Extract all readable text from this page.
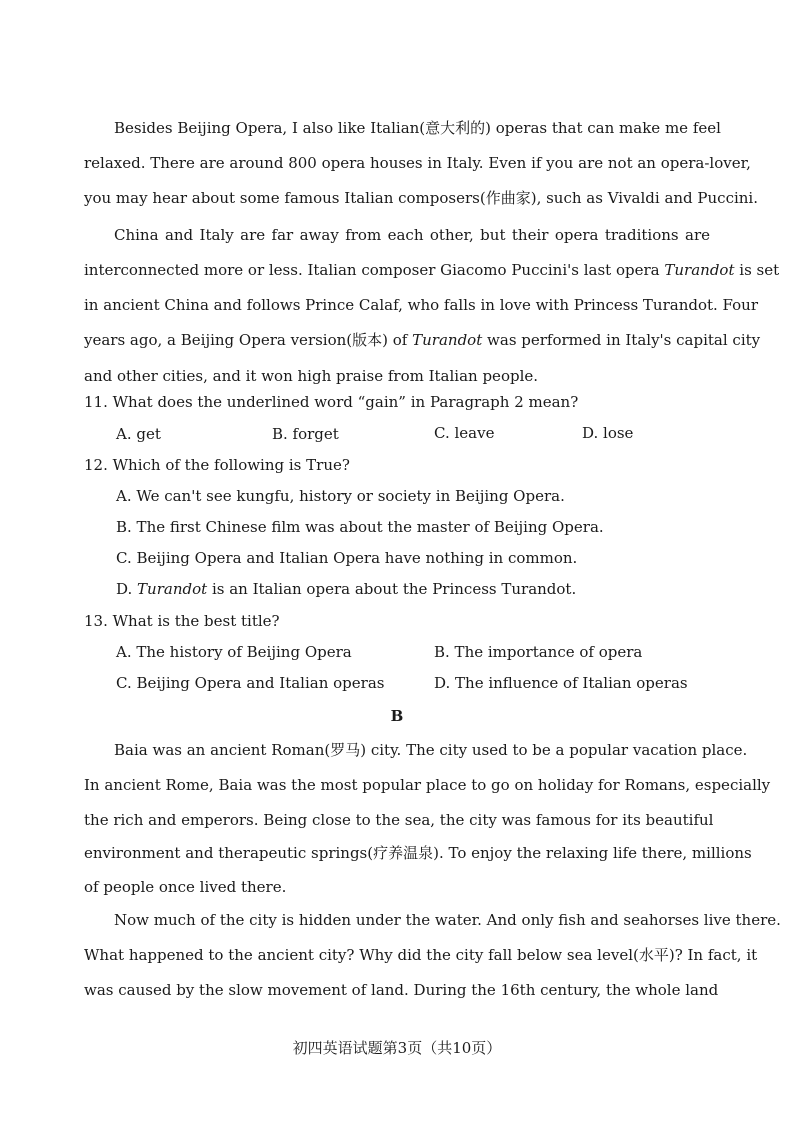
Besides Beijing Opera, I also like Italian(意大利的) operas that can make me feel
relaxed. There are around 800 opera houses in Italy. Even if you are not an opera-lover,
you may hear about some famous Italian composers(作曲家), such as Vivaldi and Puccini.
China and Italy are far away from each other, but their opera traditions are
interconnected more or less. Italian composer Giacomo Puccini's last opera Turandot is set
in ancient China and follows Prince Calaf, who falls in love with Princess Turandot. Four
years ago, a Beijing Opera version(版本) of Turandot was performed in Italy's capital city
and other cities, and it won high praise from Italian people.
11. What does the underlined word “gain” in Paragraph 2 mean?
A. get	B. forget	C. leave	D. lose
12. Which of the following is True?
A. We can't see kungfu, history or society in Beijing Opera.
B. The first Chinese film was about the master of Beijing Opera.
C. Beijing Opera and Italian Opera have nothing in common.
D. Turandot is an Italian opera about the Princess Turandot.
13. What is the best title?
A. The history of Beijing Opera	B. The importance of opera
C. Beijing Opera and Italian operas	D. The influence of Italian operas
B
Baia was an ancient Roman(罗马) city. The city used to be a popular vacation place.
In ancient Rome, Baia was the most popular place to go on holiday for Romans, especially
the rich and emperors. Being close to the sea, the city was famous for its beautiful
environment and therapeutic springs(疗养温泉). To enjoy the relaxing life there, millions
of people once lived there.
Now much of the city is hidden under the water. And only fish and seahorses live there.
What happened to the ancient city? Why did the city fall below sea level(水平)? In fact, it
was caused by the slow movement of land. During the 16th century, the whole land
初四英语试题第3页（共10页）
